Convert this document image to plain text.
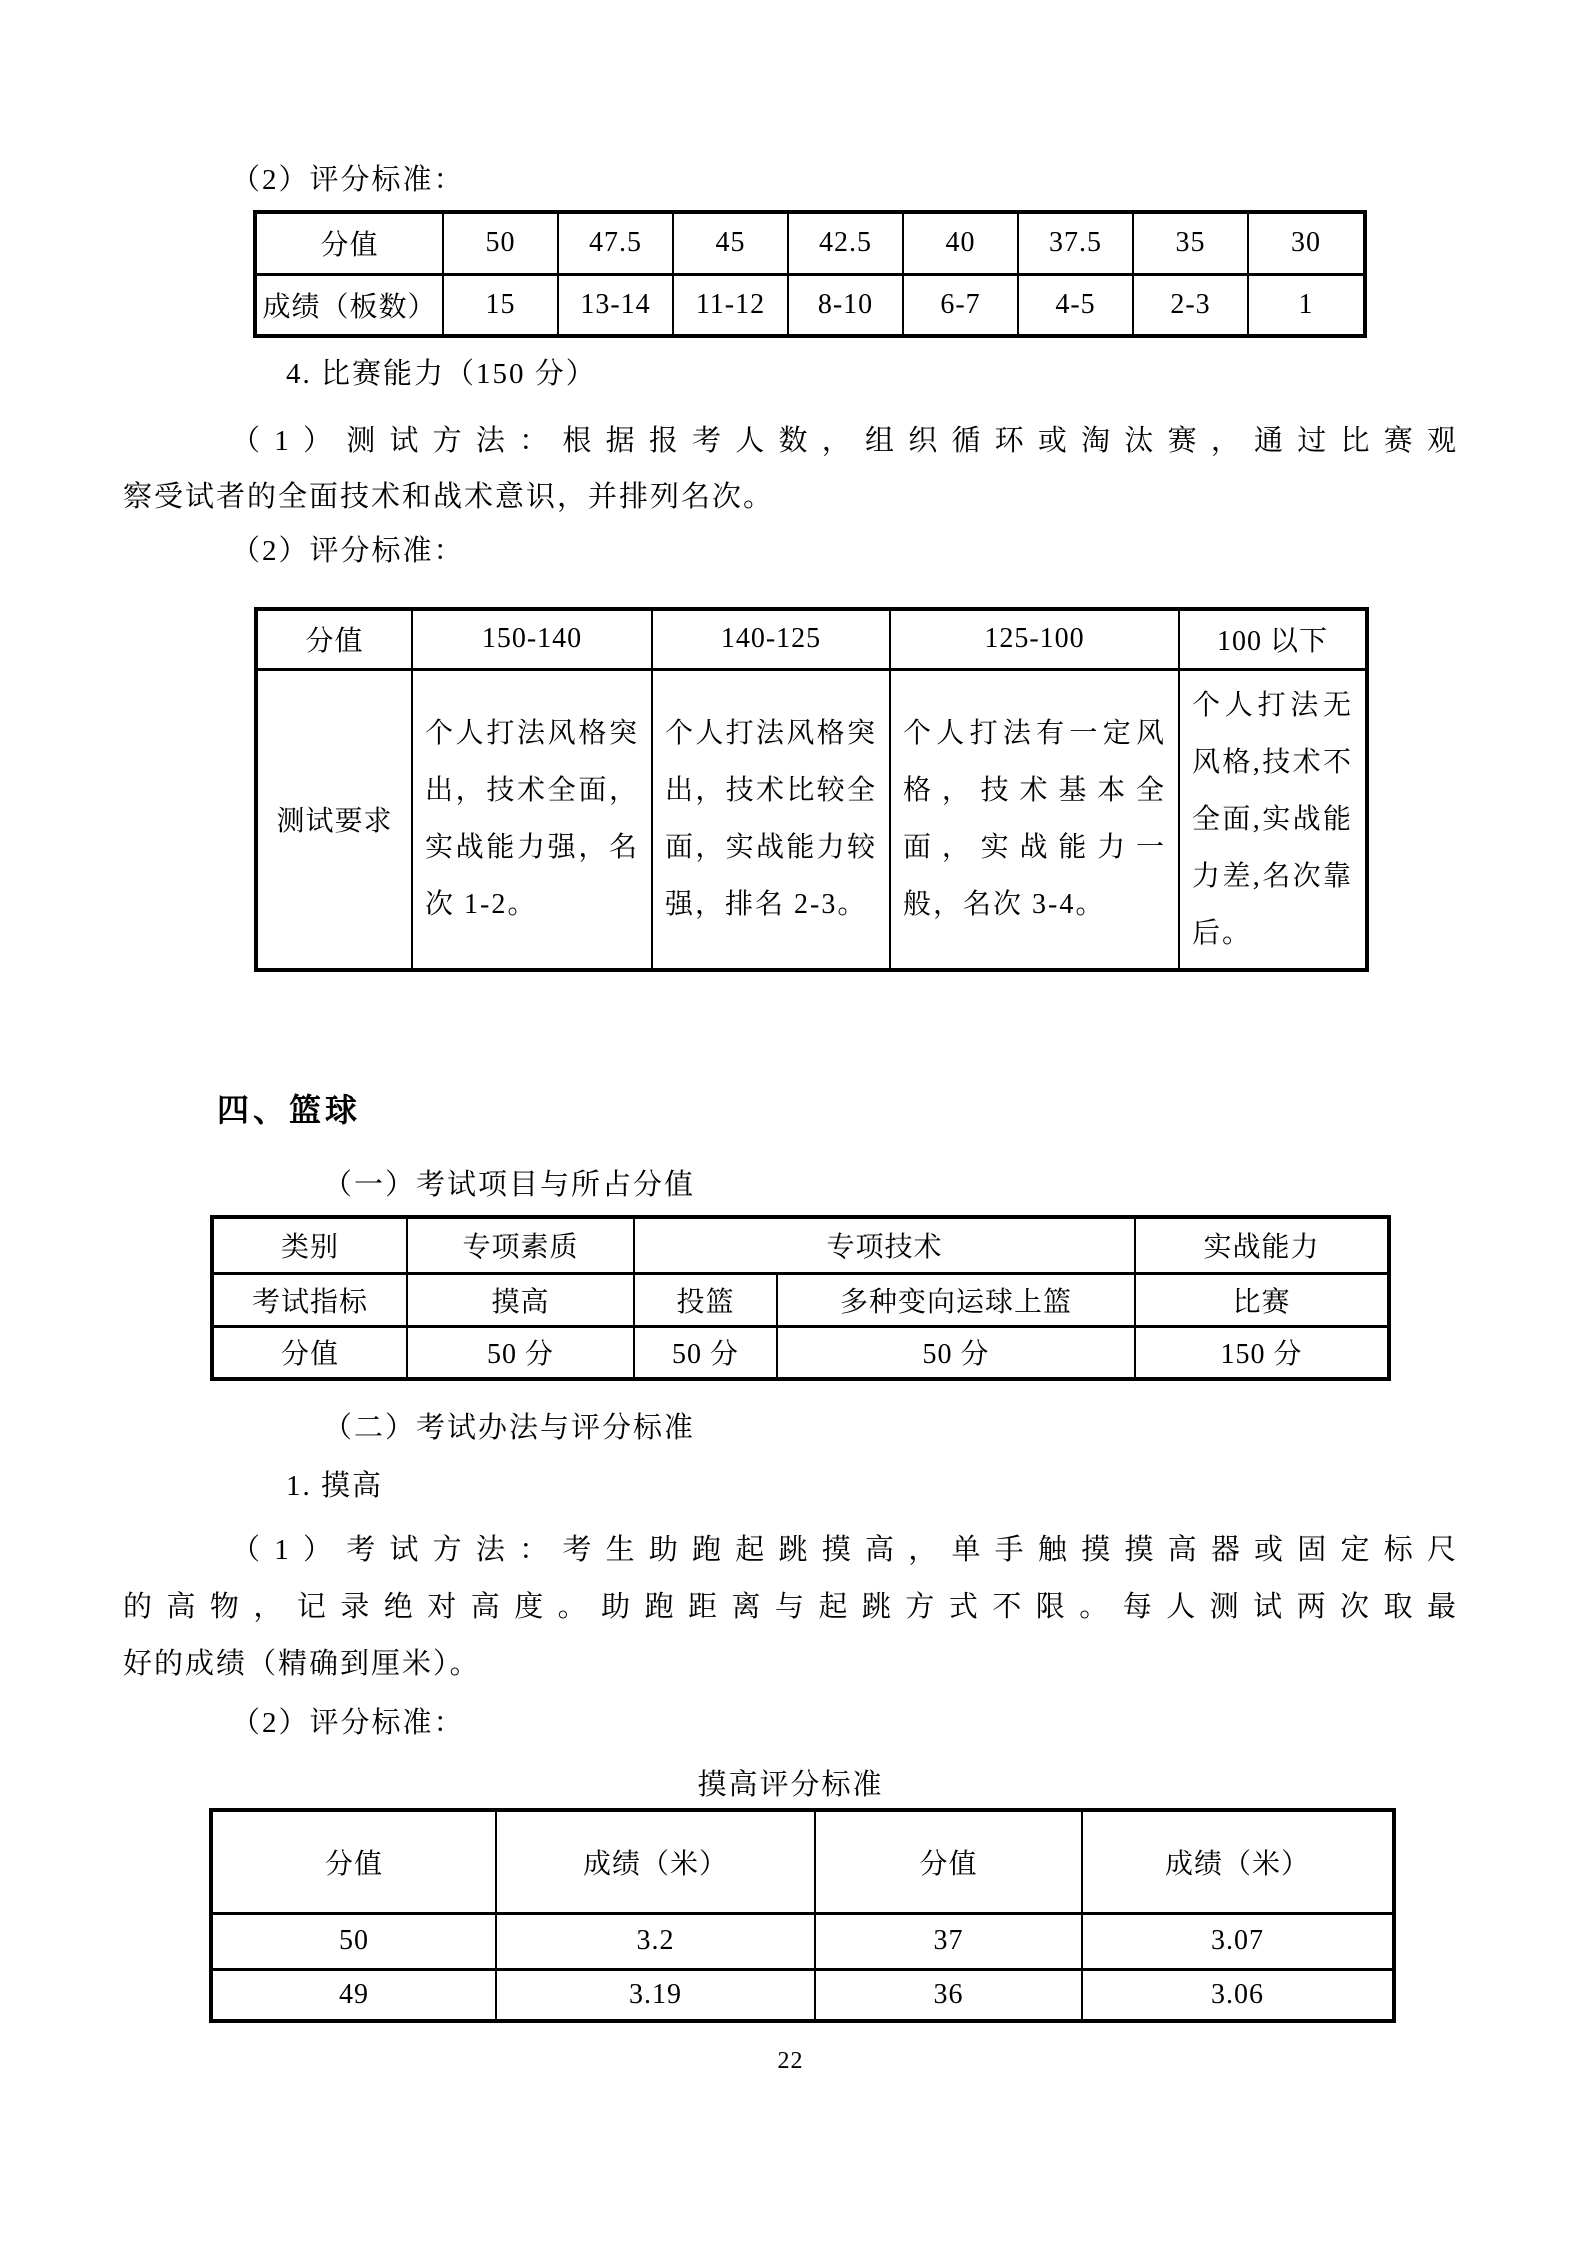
（2）评分标准：
分值	50	47.5	45	42.5	40	37.5	35	30
成绩（板数）	15	13-14	11-12	8-10	6-7	4-5	2-3	1
4. 比赛能力（150 分）
（1）测试方法：根据报考人数，组织循环或淘汰赛，通过比赛观
察受试者的全面技术和战术意识，并排列名次。
（2）评分标准：
分值	150-140	140-125	125-100	100 以下
测试要求	个人打法风格突出，技术全面，实战能力强，名次 1-2。	个人打法风格突出，技术比较全面，实战能力较强，排名 2-3。	个人打法有一定风格，技术基本全面，实战能力一般，名次 3-4。	个人打法无风格,技术不全面,实战能力差,名次靠后。
四、篮球
（一）考试项目与所占分值
类别	专项素质	专项技术		实战能力
考试指标	摸高	投篮	多种变向运球上篮	比赛
分值	50 分	50 分	50 分	150 分
（二）考试办法与评分标准
1. 摸高
（1）考试方法：考生助跑起跳摸高，单手触摸摸高器或固定标尺
的高物，记录绝对高度。助跑距离与起跳方式不限。每人测试两次取最
好的成绩（精确到厘米）。
（2）评分标准：
摸高评分标准
分值	成绩（米）	分值	成绩（米）
50	3.2	37	3.07
49	3.19	36	3.06
22
